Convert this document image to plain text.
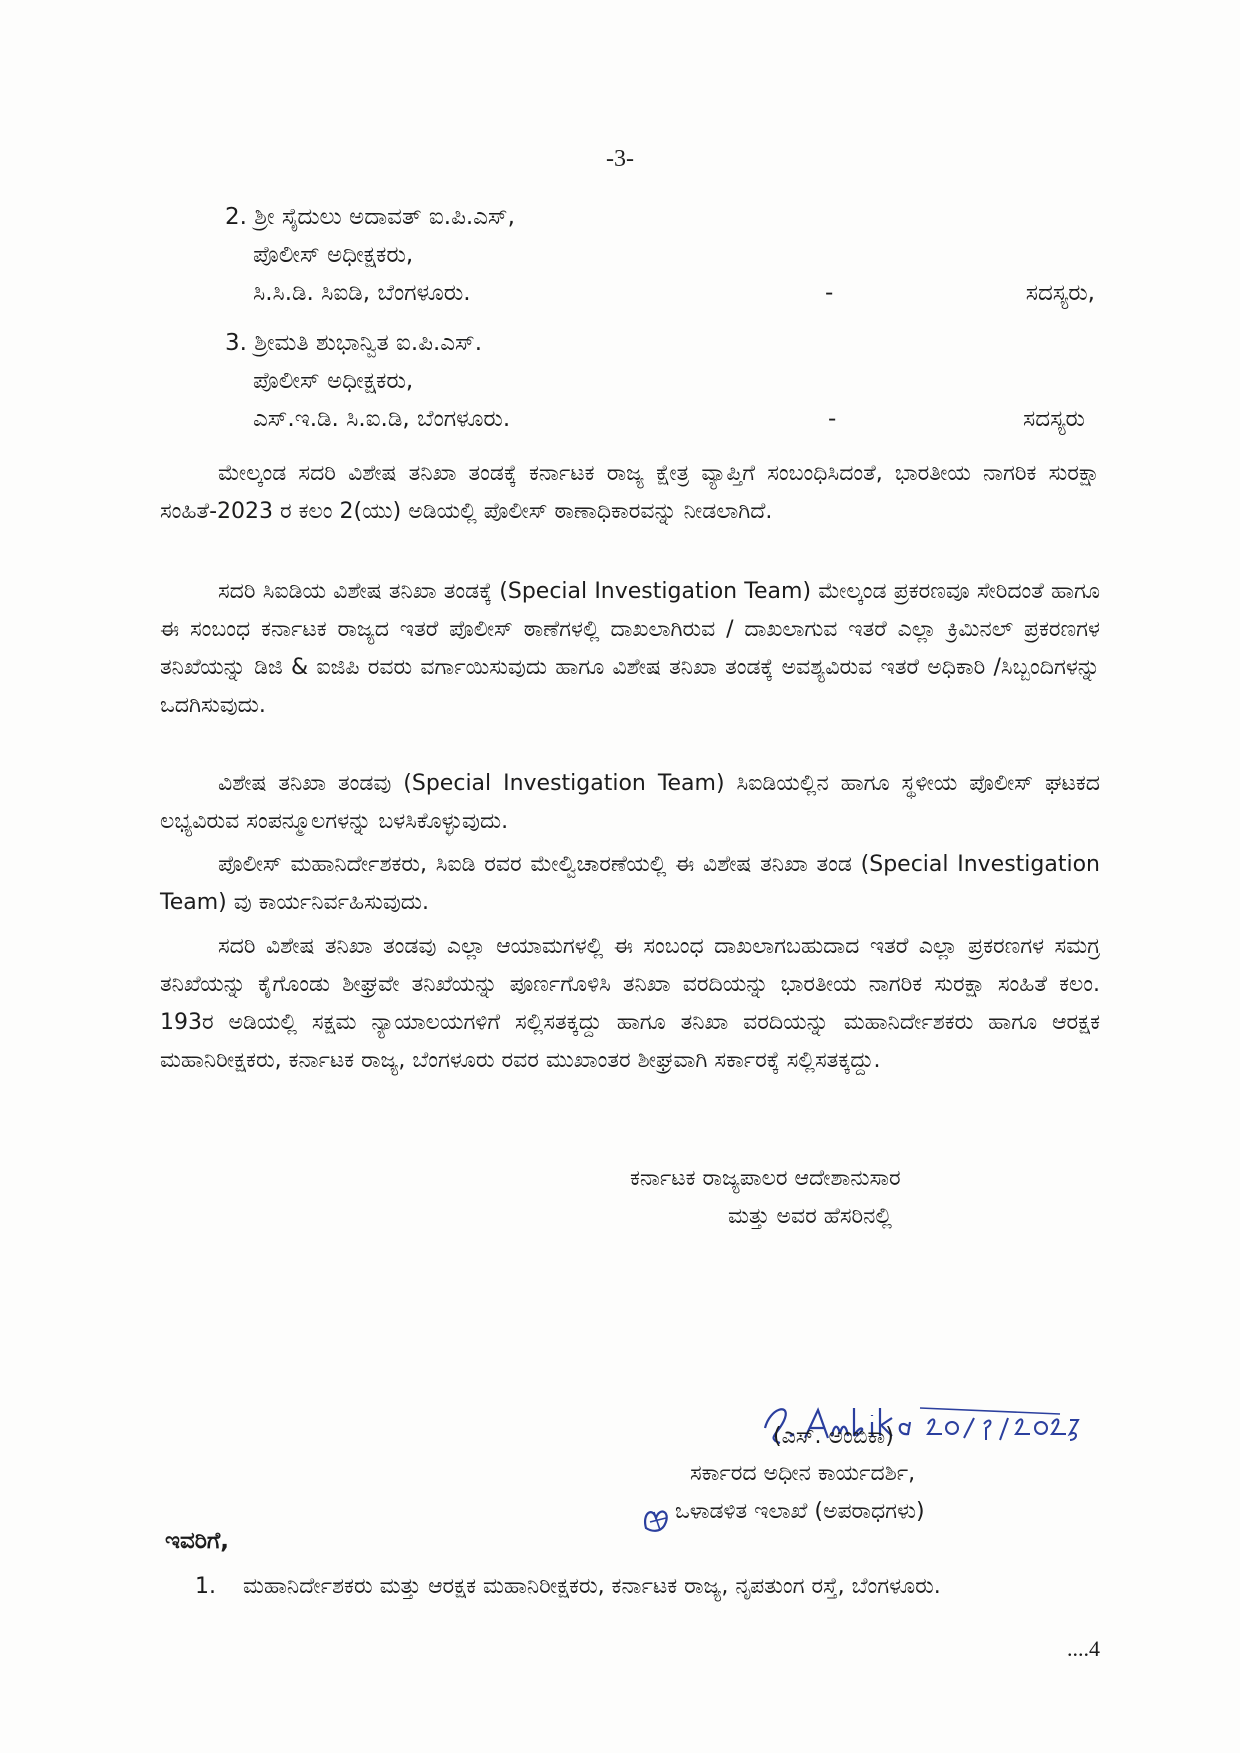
-3-
2. ಶ್ರೀ ಸೈದುಲು ಅದಾವತ್ ಐ.ಪಿ.ಎಸ್,
ಪೊಲೀಸ್ ಅಧೀಕ್ಷಕರು,
ಸಿ.ಸಿ.ಡಿ. ಸಿಐಡಿ, ಬೆಂಗಳೂರು.	-	ಸದಸ್ಯರು,
3. ಶ್ರೀಮತಿ ಶುಭಾನ್ವಿತ ಐ.ಪಿ.ಎಸ್.
ಪೊಲೀಸ್ ಅಧೀಕ್ಷಕರು,
ಎಸ್.ಇ.ಡಿ. ಸಿ.ಐ.ಡಿ, ಬೆಂಗಳೂರು.	-	ಸದಸ್ಯರು

ಮೇಲ್ಕಂಡ ಸದರಿ ವಿಶೇಷ ತನಿಖಾ ತಂಡಕ್ಕೆ ಕರ್ನಾಟಕ ರಾಜ್ಯ ಕ್ಷೇತ್ರ ವ್ಯಾಪ್ತಿಗೆ ಸಂಬಂಧಿಸಿದಂತೆ, ಭಾರತೀಯ ನಾಗರಿಕ ಸುರಕ್ಷಾ ಸಂಹಿತೆ-2023 ರ ಕಲಂ 2(ಯು) ಅಡಿಯಲ್ಲಿ ಪೊಲೀಸ್ ಠಾಣಾಧಿಕಾರವನ್ನು ನೀಡಲಾಗಿದೆ.

ಸದರಿ ಸಿಐಡಿಯ ವಿಶೇಷ ತನಿಖಾ ತಂಡಕ್ಕೆ (Special Investigation Team) ಮೇಲ್ಕಂಡ ಪ್ರಕರಣವೂ ಸೇರಿದಂತೆ ಹಾಗೂ ಈ ಸಂಬಂಧ ಕರ್ನಾಟಕ ರಾಜ್ಯದ ಇತರೆ ಪೊಲೀಸ್ ಠಾಣೆಗಳಲ್ಲಿ ದಾಖಲಾಗಿರುವ / ದಾಖಲಾಗುವ ಇತರೆ ಎಲ್ಲಾ ಕ್ರಿಮಿನಲ್ ಪ್ರಕರಣಗಳ ತನಿಖೆಯನ್ನು ಡಿಜಿ & ಐಜಿಪಿ ರವರು ವರ್ಗಾಯಿಸುವುದು ಹಾಗೂ ವಿಶೇಷ ತನಿಖಾ ತಂಡಕ್ಕೆ ಅವಶ್ಯವಿರುವ ಇತರೆ ಅಧಿಕಾರಿ /ಸಿಬ್ಬಂದಿಗಳನ್ನು ಒದಗಿಸುವುದು.

ವಿಶೇಷ ತನಿಖಾ ತಂಡವು (Special Investigation Team) ಸಿಐಡಿಯಲ್ಲಿನ ಹಾಗೂ ಸ್ಥಳೀಯ ಪೊಲೀಸ್ ಘಟಕದ ಲಭ್ಯವಿರುವ ಸಂಪನ್ಮೂಲಗಳನ್ನು ಬಳಸಿಕೊಳ್ಳುವುದು.

ಪೊಲೀಸ್ ಮಹಾನಿರ್ದೇಶಕರು, ಸಿಐಡಿ ರವರ ಮೇಲ್ವಿಚಾರಣೆಯಲ್ಲಿ ಈ ವಿಶೇಷ ತನಿಖಾ ತಂಡ (Special Investigation Team) ವು ಕಾರ್ಯನಿರ್ವಹಿಸುವುದು.

ಸದರಿ ವಿಶೇಷ ತನಿಖಾ ತಂಡವು ಎಲ್ಲಾ ಆಯಾಮಗಳಲ್ಲಿ ಈ ಸಂಬಂಧ ದಾಖಲಾಗಬಹುದಾದ ಇತರೆ ಎಲ್ಲಾ ಪ್ರಕರಣಗಳ ಸಮಗ್ರ ತನಿಖೆಯನ್ನು ಕೈಗೊಂಡು ಶೀಘ್ರವೇ ತನಿಖೆಯನ್ನು ಪೂರ್ಣಗೊಳಿಸಿ ತನಿಖಾ ವರದಿಯನ್ನು ಭಾರತೀಯ ನಾಗರಿಕ ಸುರಕ್ಷಾ ಸಂಹಿತೆ ಕಲಂ. 193ರ ಅಡಿಯಲ್ಲಿ ಸಕ್ಷಮ ನ್ಯಾಯಾಲಯಗಳಿಗೆ ಸಲ್ಲಿಸತಕ್ಕದ್ದು ಹಾಗೂ ತನಿಖಾ ವರದಿಯನ್ನು ಮಹಾನಿರ್ದೇಶಕರು ಹಾಗೂ ಆರಕ್ಷಕ ಮಹಾನಿರೀಕ್ಷಕರು, ಕರ್ನಾಟಕ ರಾಜ್ಯ, ಬೆಂಗಳೂರು ರವರ ಮುಖಾಂತರ ಶೀಘ್ರವಾಗಿ ಸರ್ಕಾರಕ್ಕೆ ಸಲ್ಲಿಸತಕ್ಕದ್ದು.

ಕರ್ನಾಟಕ ರಾಜ್ಯಪಾಲರ ಆದೇಶಾನುಸಾರ
ಮತ್ತು ಅವರ ಹೆಸರಿನಲ್ಲಿ
(ಎಸ್. ಅಂಬಿಕಾ)
ಸರ್ಕಾರದ ಅಧೀನ ಕಾರ್ಯದರ್ಶಿ,
ಒಳಾಡಳಿತ ಇಲಾಖೆ (ಅಪರಾಧಗಳು)
ಇವರಿಗೆ,
1. ಮಹಾನಿರ್ದೇಶಕರು ಮತ್ತು ಆರಕ್ಷಕ ಮಹಾನಿರೀಕ್ಷಕರು, ಕರ್ನಾಟಕ ರಾಜ್ಯ, ನೃಪತುಂಗ ರಸ್ತೆ, ಬೆಂಗಳೂರು.
....4
